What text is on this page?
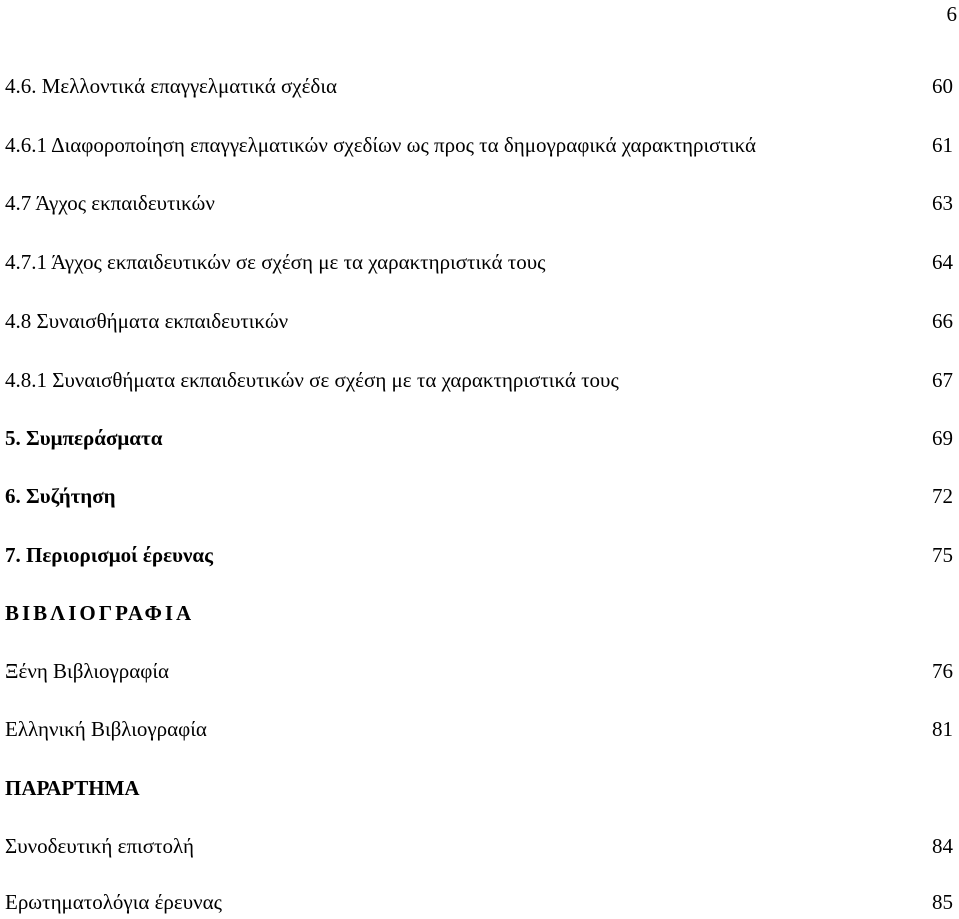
6
4.6. Μελλοντικά επαγγελματικά σχέδια	60
4.6.1 Διαφοροποίηση επαγγελματικών σχεδίων ως προς τα δημογραφικά χαρακτηριστικά	61
4.7 Άγχος εκπαιδευτικών	63
4.7.1 Άγχος εκπαιδευτικών σε σχέση με τα χαρακτηριστικά τους	64
4.8 Συναισθήματα εκπαιδευτικών	66
4.8.1 Συναισθήματα εκπαιδευτικών σε σχέση με τα χαρακτηριστικά τους	67
5. Συμπεράσματα	69
6. Συζήτηση	72
7. Περιορισμοί έρευνας	75
ΒΙΒΛΙΟΓΡΑΦΙΑ
Ξένη Βιβλιογραφία	76
Ελληνική Βιβλιογραφία	81
ΠΑΡΑΡΤΗΜΑ
Συνοδευτική επιστολή	84
Ερωτηματολόγια έρευνας	85
